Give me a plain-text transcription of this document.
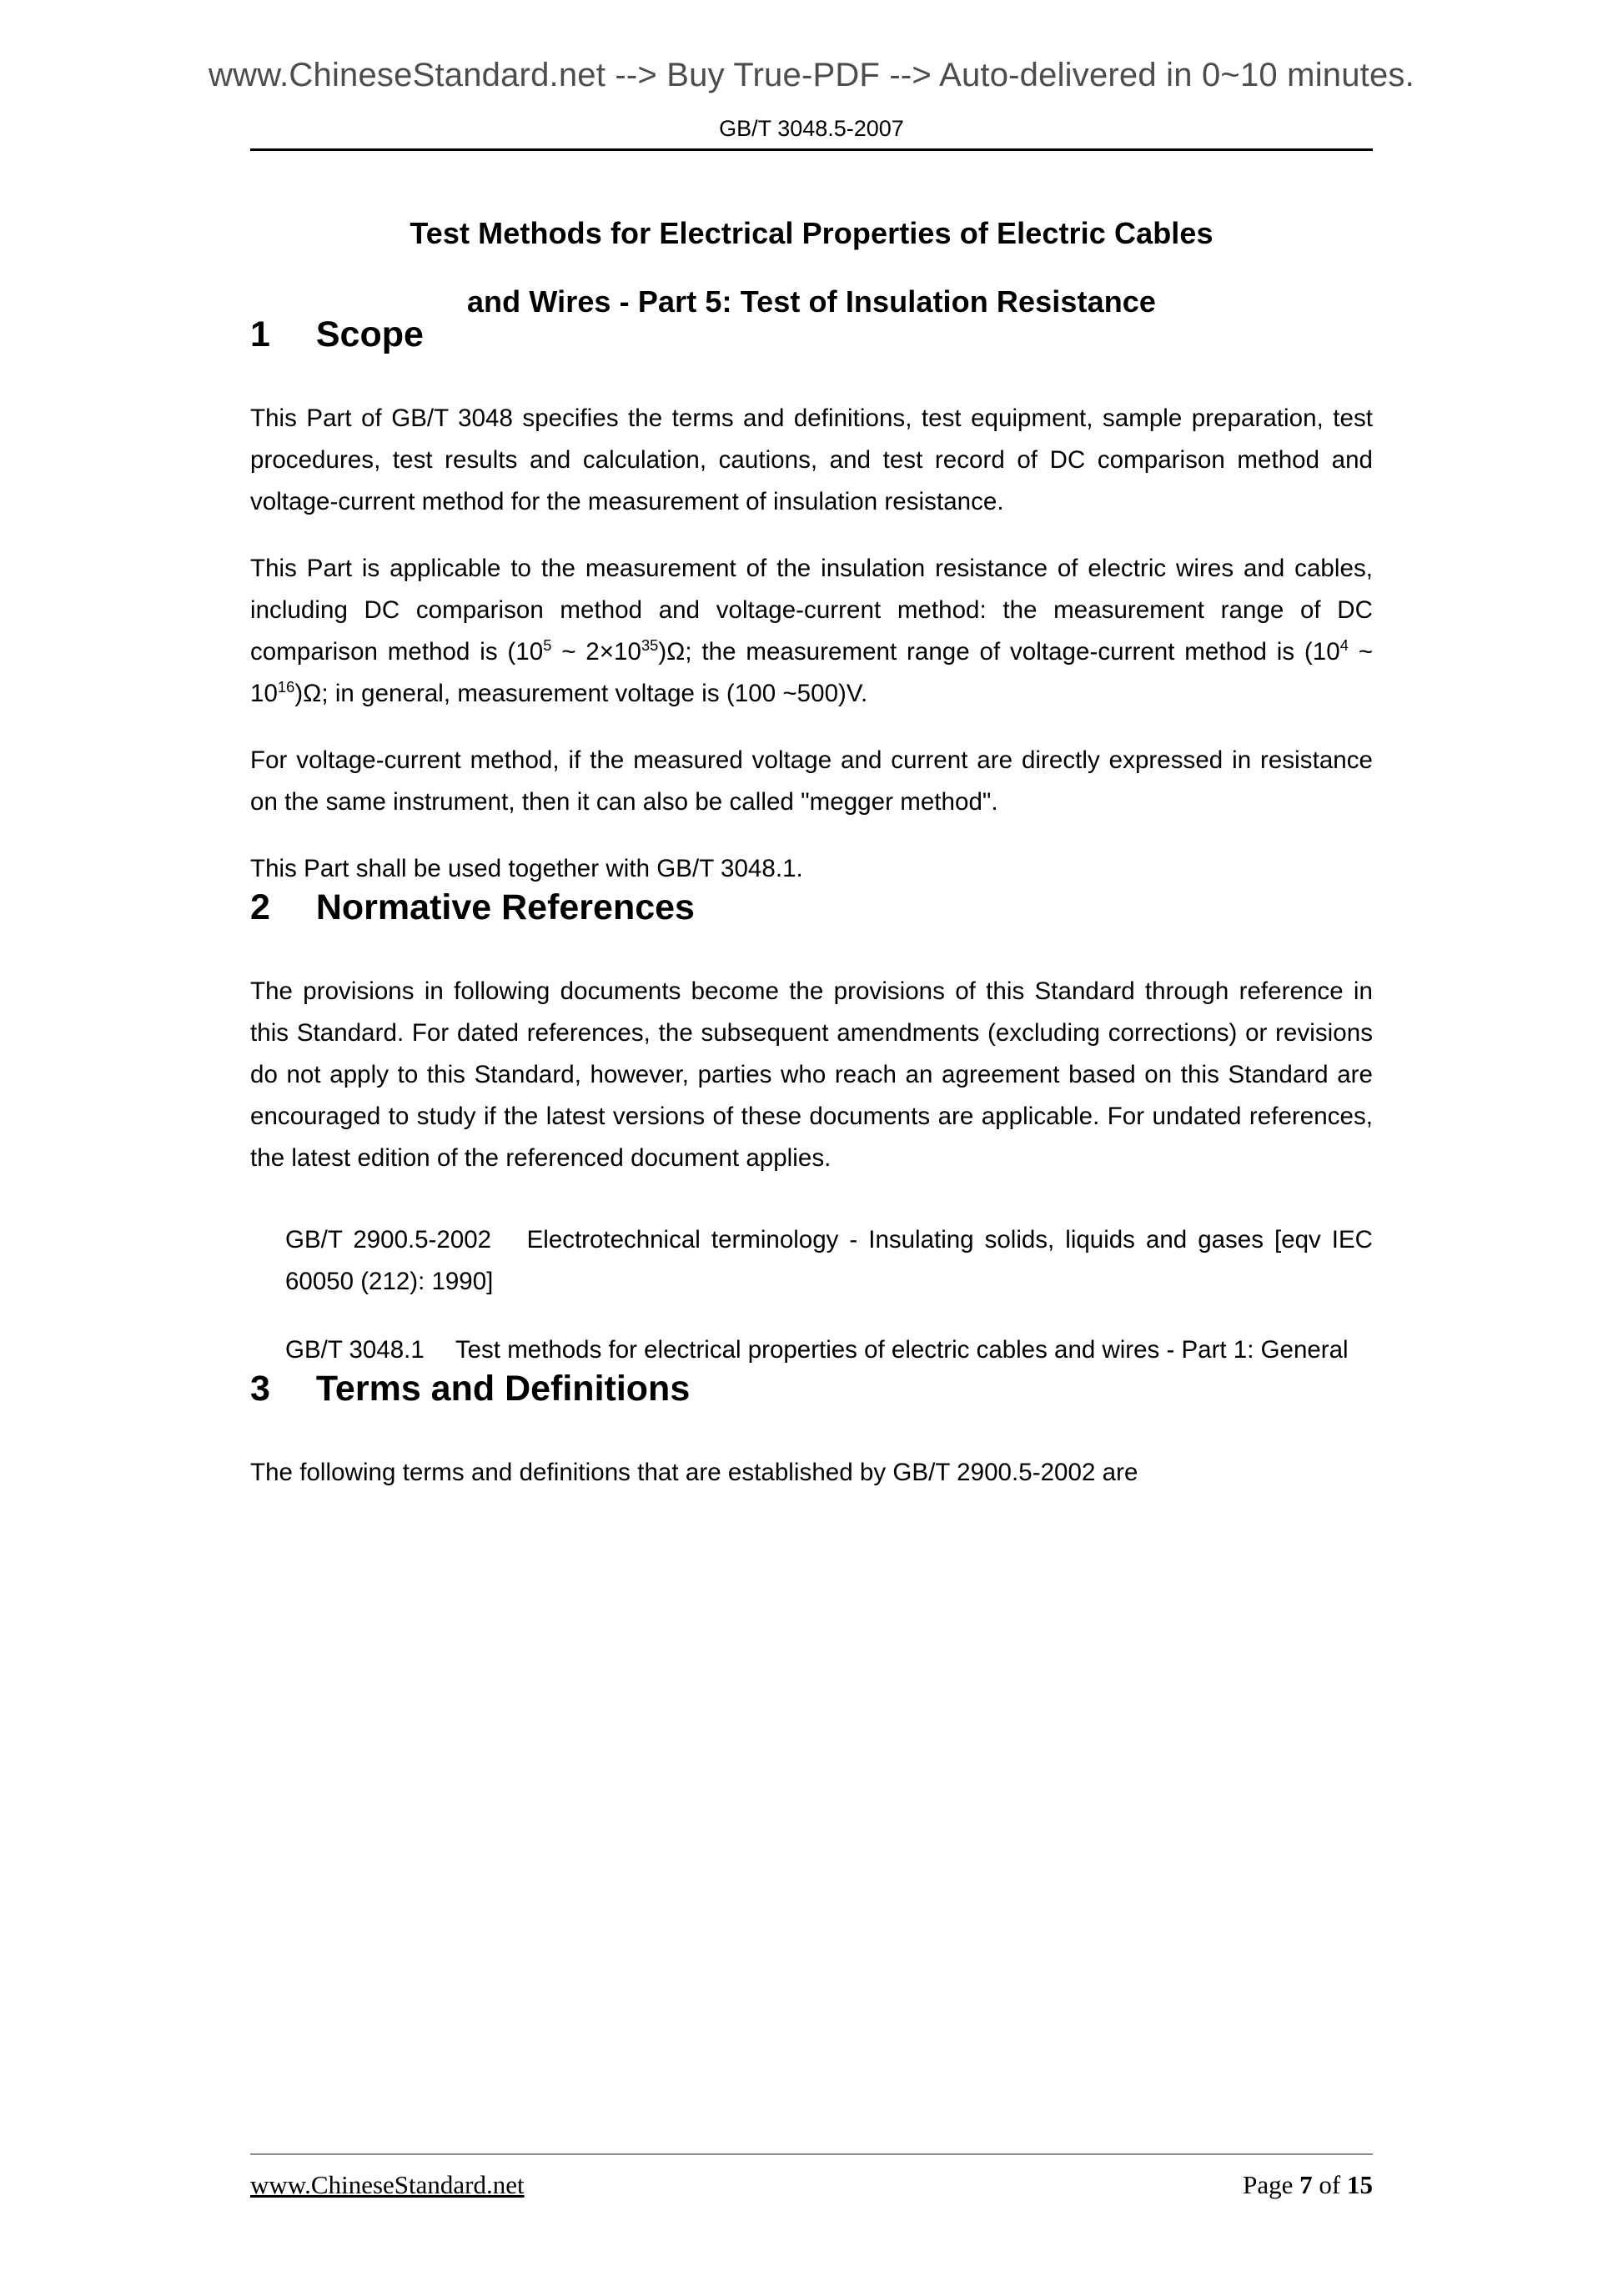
www.ChineseStandard.net --> Buy True-PDF --> Auto-delivered in 0~10 minutes.
GB/T 3048.5-2007
Test Methods for Electrical Properties of Electric Cables
and Wires - Part 5: Test of Insulation Resistance
1  Scope

This Part of GB/T 3048 specifies the terms and definitions, test equipment, sample preparation, test procedures, test results and calculation, cautions, and test record of DC comparison method and voltage-current method for the measurement of insulation resistance.

This Part is applicable to the measurement of the insulation resistance of electric wires and cables, including DC comparison method and voltage-current method: the measurement range of DC comparison method is ($10^5$ ~ $2\times 10^{35})\Omega$; the measurement range of voltage-current method is ($10^4$ ~ $10^{16})\Omega$; in general, measurement voltage is (100 ~500)V.

For voltage-current method, if the measured voltage and current are directly expressed in resistance on the same instrument, then it can also be called "megger method".

This Part shall be used together with GB/T 3048.1.

2  Normative References

The provisions in following documents become the provisions of this Standard through reference in this Standard. For dated references, the subsequent amendments (excluding corrections) or revisions do not apply to this Standard, however, parties who reach an agreement based on this Standard are encouraged to study if the latest versions of these documents are applicable. For undated references, the latest edition of the referenced document applies.

GB/T 2900.5-2002  Electrotechnical terminology - Insulating solids, liquids and gases [eqv IEC 60050 (212): 1990]

GB/T 3048.1  Test methods for electrical properties of electric cables and wires - Part 1: General

3  Terms and Definitions

The following terms and definitions that are established by GB/T 2900.5-2002 are

www.ChineseStandard.net	Page 7 of 15
